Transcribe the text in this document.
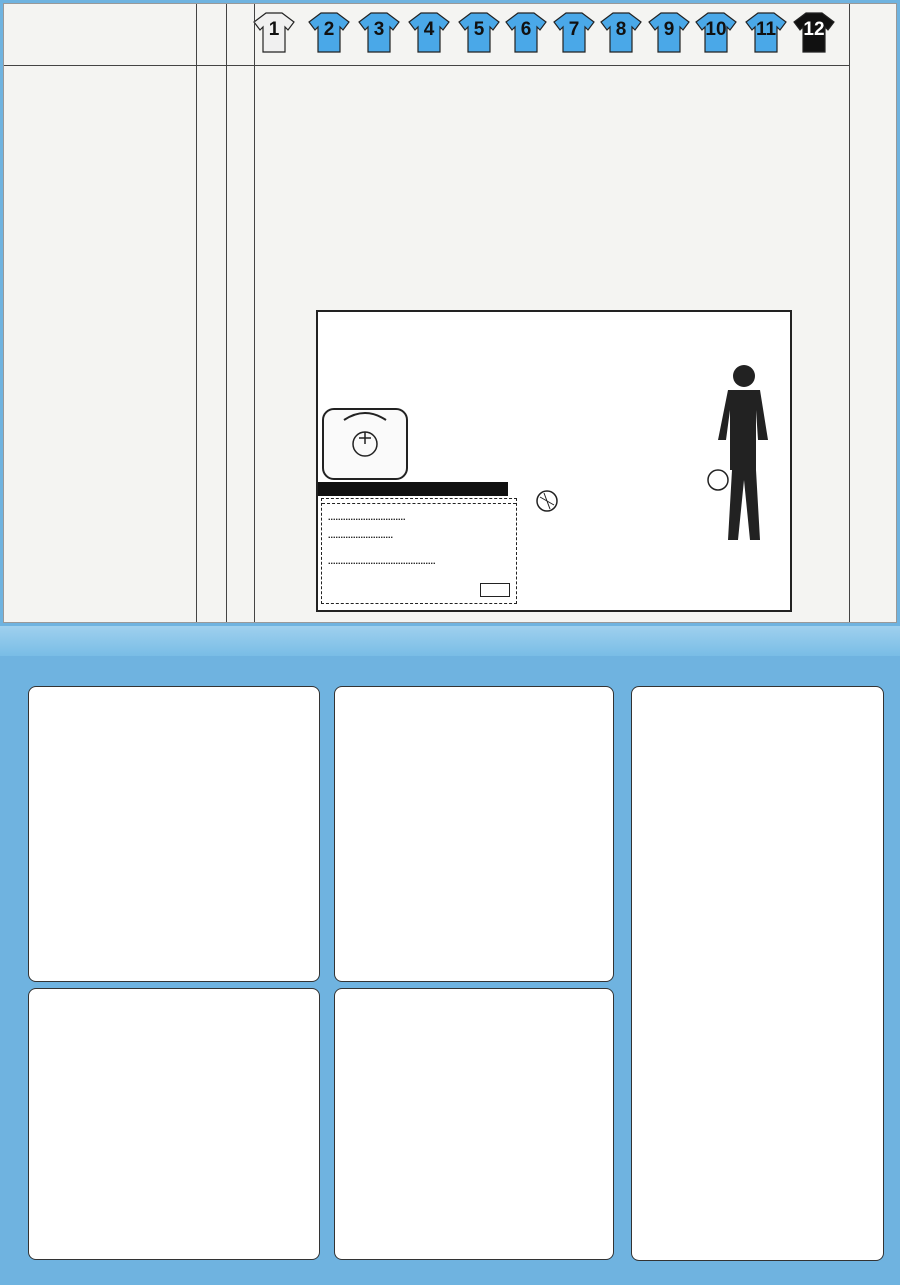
1	2	3	4	5	6	7	8	9	10	11	12
...............................
..........................
...........................................
